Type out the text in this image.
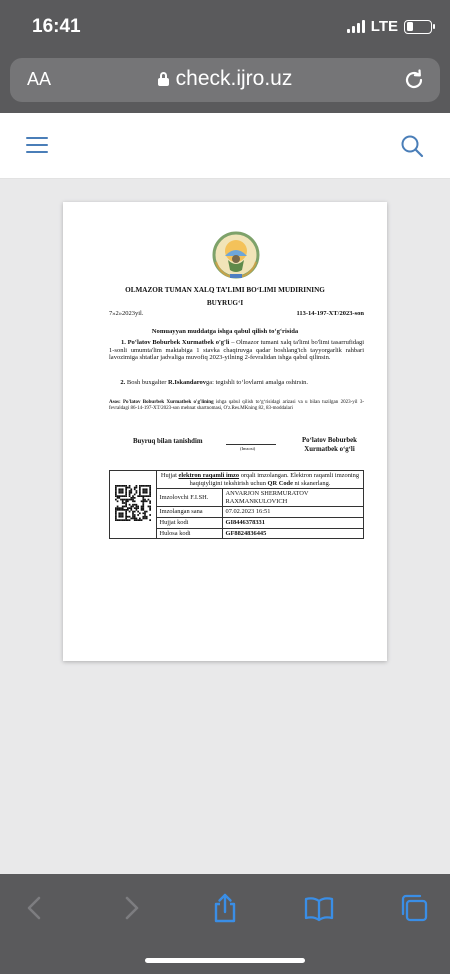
16:41	LTE
AA	check.ijro.uz
OLMAZOR TUMAN XALQ TA’LIMI BO‘LIMI MUDIRINING
BUYRUG‘I
7»2»2023yil.	113-14-197-XT/2023-son
Nomuayyan muddatga ishga qabul qilish to‘g‘risida
1. Po‘latov Boburbek Xurmatbek o'g'li – Olmazor tumani xalq ta'limi bo'limi tasarrufidagi 1-sonli umumta'lim maktabiga 1 stavka chaqiruvga qadar boshlang'ich tayyorgarlik rahbari lavozimiga shtatlar jadvaliga muvofiq 2023-yilning 2-fevralidan ishga qabul qilinsin.
2. Bosh buxgalter R.Iskandarovga: tegishli to‘lovlarni amalga oshirsin.
Asos: Po'latov Boburbek Xurmatbek o'g'lining ishga qabul qilish to‘g‘risidagi arizasi va u bilan tuzilgan 2023-yil 3-fevraldagi 86-14-197-XT/2023-son mehnat shartnomasi, O'z.Res.MKning 82, 83-moddalari
Buyruq bilan tanishdim
(Imzosi)
Po‘latov Boburbek Xurmatbek o‘g‘li
	Hujjat elektron raqamli imzo orqali imzolangan. Elektron raqamli imzoning haqiqiyligini tekshirish uchun QR Code ni skanerlang.	
	Imzolovchi F.I.SH.	ANVARJON SHERMURATOV RAXMANKULOVICH
	Imzolangan sana	07.02.2023 16:51
	Hujjat kodi	GI8446378331
	Hulosa kodi	GF8824836445
